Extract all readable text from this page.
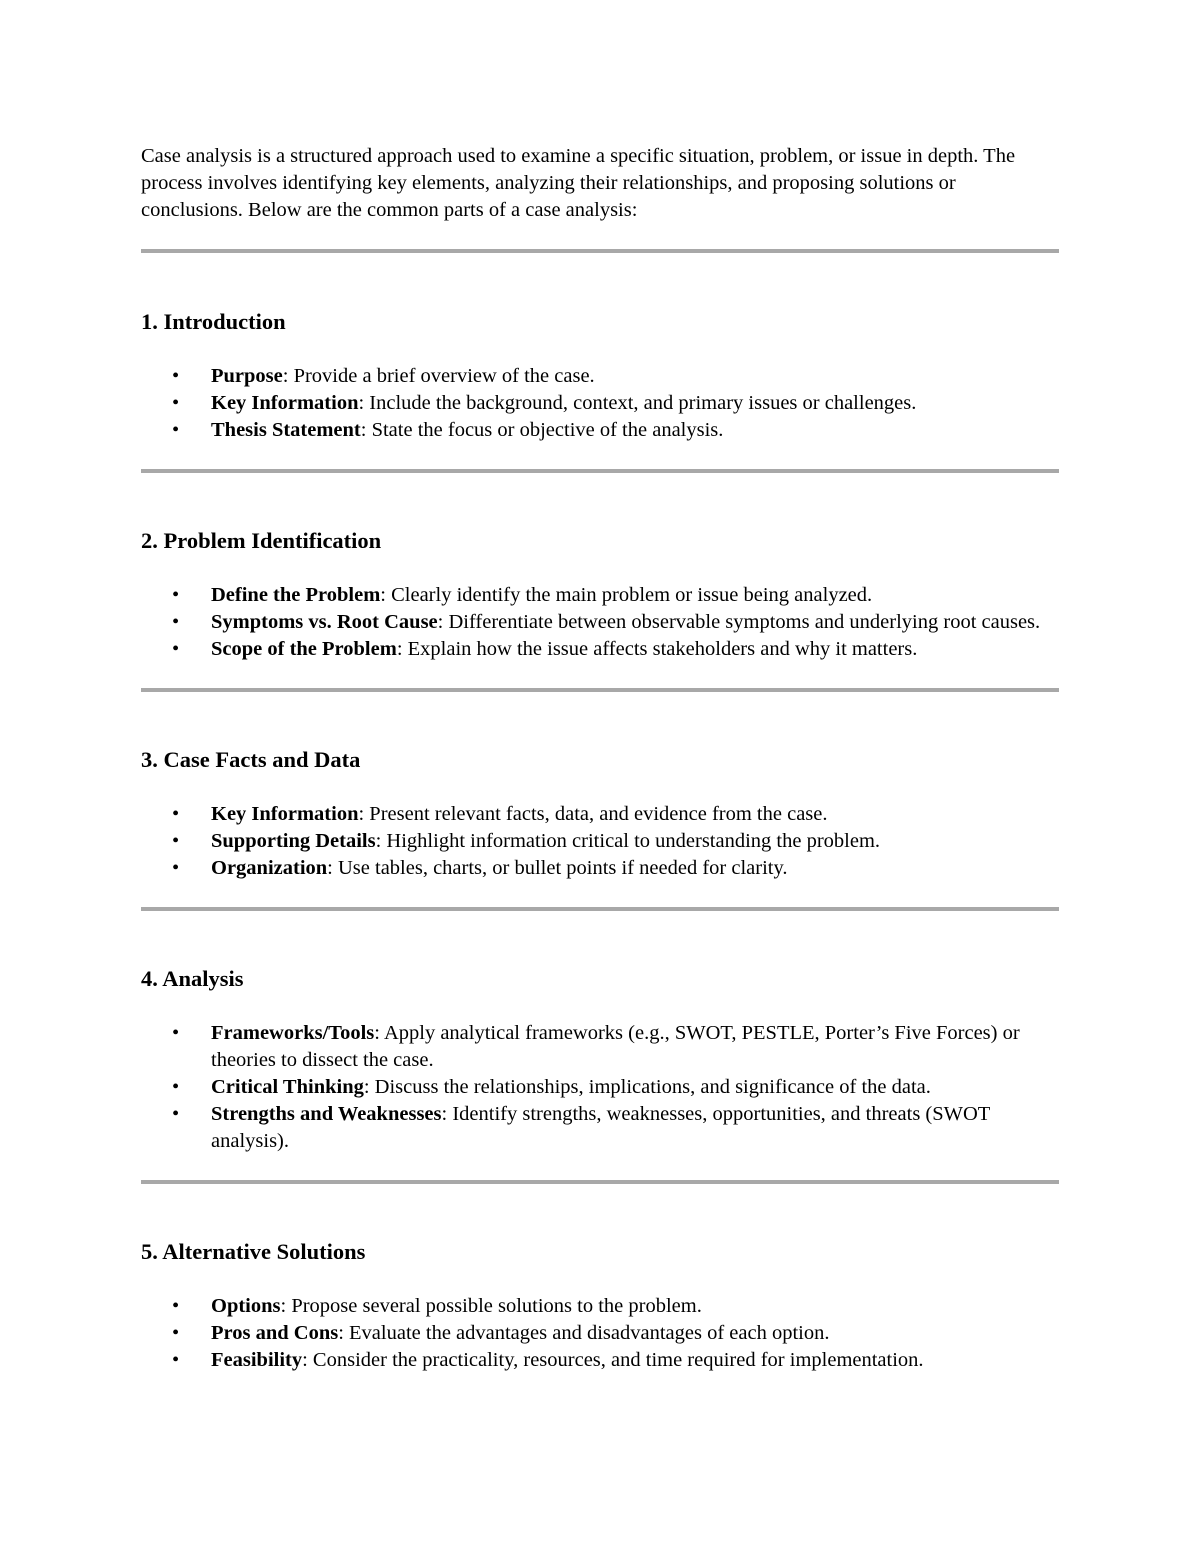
Case analysis is a structured approach used to examine a specific situation, problem, or issue in depth. The process involves identifying key elements, analyzing their relationships, and proposing solutions or conclusions. Below are the common parts of a case analysis:

1. Introduction
• Purpose: Provide a brief overview of the case.
• Key Information: Include the background, context, and primary issues or challenges.
• Thesis Statement: State the focus or objective of the analysis.
2. Problem Identification
• Define the Problem: Clearly identify the main problem or issue being analyzed.
• Symptoms vs. Root Cause: Differentiate between observable symptoms and underlying root causes.
• Scope of the Problem: Explain how the issue affects stakeholders and why it matters.
3. Case Facts and Data
• Key Information: Present relevant facts, data, and evidence from the case.
• Supporting Details: Highlight information critical to understanding the problem.
• Organization: Use tables, charts, or bullet points if needed for clarity.
4. Analysis
• Frameworks/Tools: Apply analytical frameworks (e.g., SWOT, PESTLE, Porter’s Five Forces) or theories to dissect the case.
• Critical Thinking: Discuss the relationships, implications, and significance of the data.
• Strengths and Weaknesses: Identify strengths, weaknesses, opportunities, and threats (SWOT analysis).
5. Alternative Solutions
• Options: Propose several possible solutions to the problem.
• Pros and Cons: Evaluate the advantages and disadvantages of each option.
• Feasibility: Consider the practicality, resources, and time required for implementation.
